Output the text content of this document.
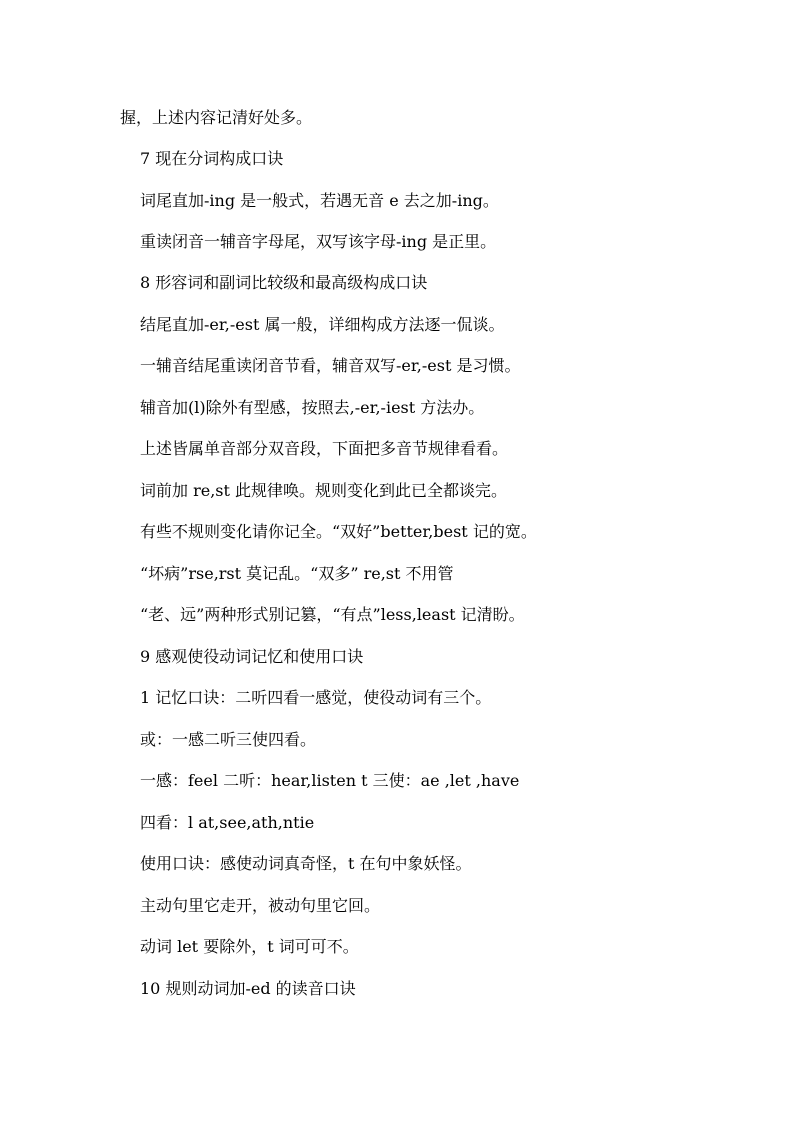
握，上述内容记清好处多。
7 现在分词构成口诀
词尾直加-ing 是一般式，若遇无音 e 去之加-ing。
重读闭音一辅音字母尾，双写该字母-ing 是正里。
8 形容词和副词比较级和最高级构成口诀
结尾直加-er,-est 属一般，详细构成方法逐一侃谈。
一辅音结尾重读闭音节看，辅音双写-er,-est 是习惯。
辅音加(l)除外有型感，按照去,-er,-iest 方法办。
上述皆属单音部分双音段，下面把多音节规律看看。
词前加 re,st 此规律唤。规则变化到此已全都谈完。
有些不规则变化请你记全。“双好”better,best 记的宽。
“坏病”rse,rst 莫记乱。“双多” re,st 不用管
“老、远”两种形式别记篡，“有点”less,least 记清盼。
9 感观使役动词记忆和使用口诀
1 记忆口诀：二听四看一感觉，使役动词有三个。
或：一感二听三使四看。
一感：feel 二听：hear,listen t 三使：ae ,let ,have
四看：l at,see,ath,ntie
使用口诀：感使动词真奇怪，t 在句中象妖怪。
主动句里它走开，被动句里它回。
动词 let 要除外，t 词可可不。
10 规则动词加-ed 的读音口诀
